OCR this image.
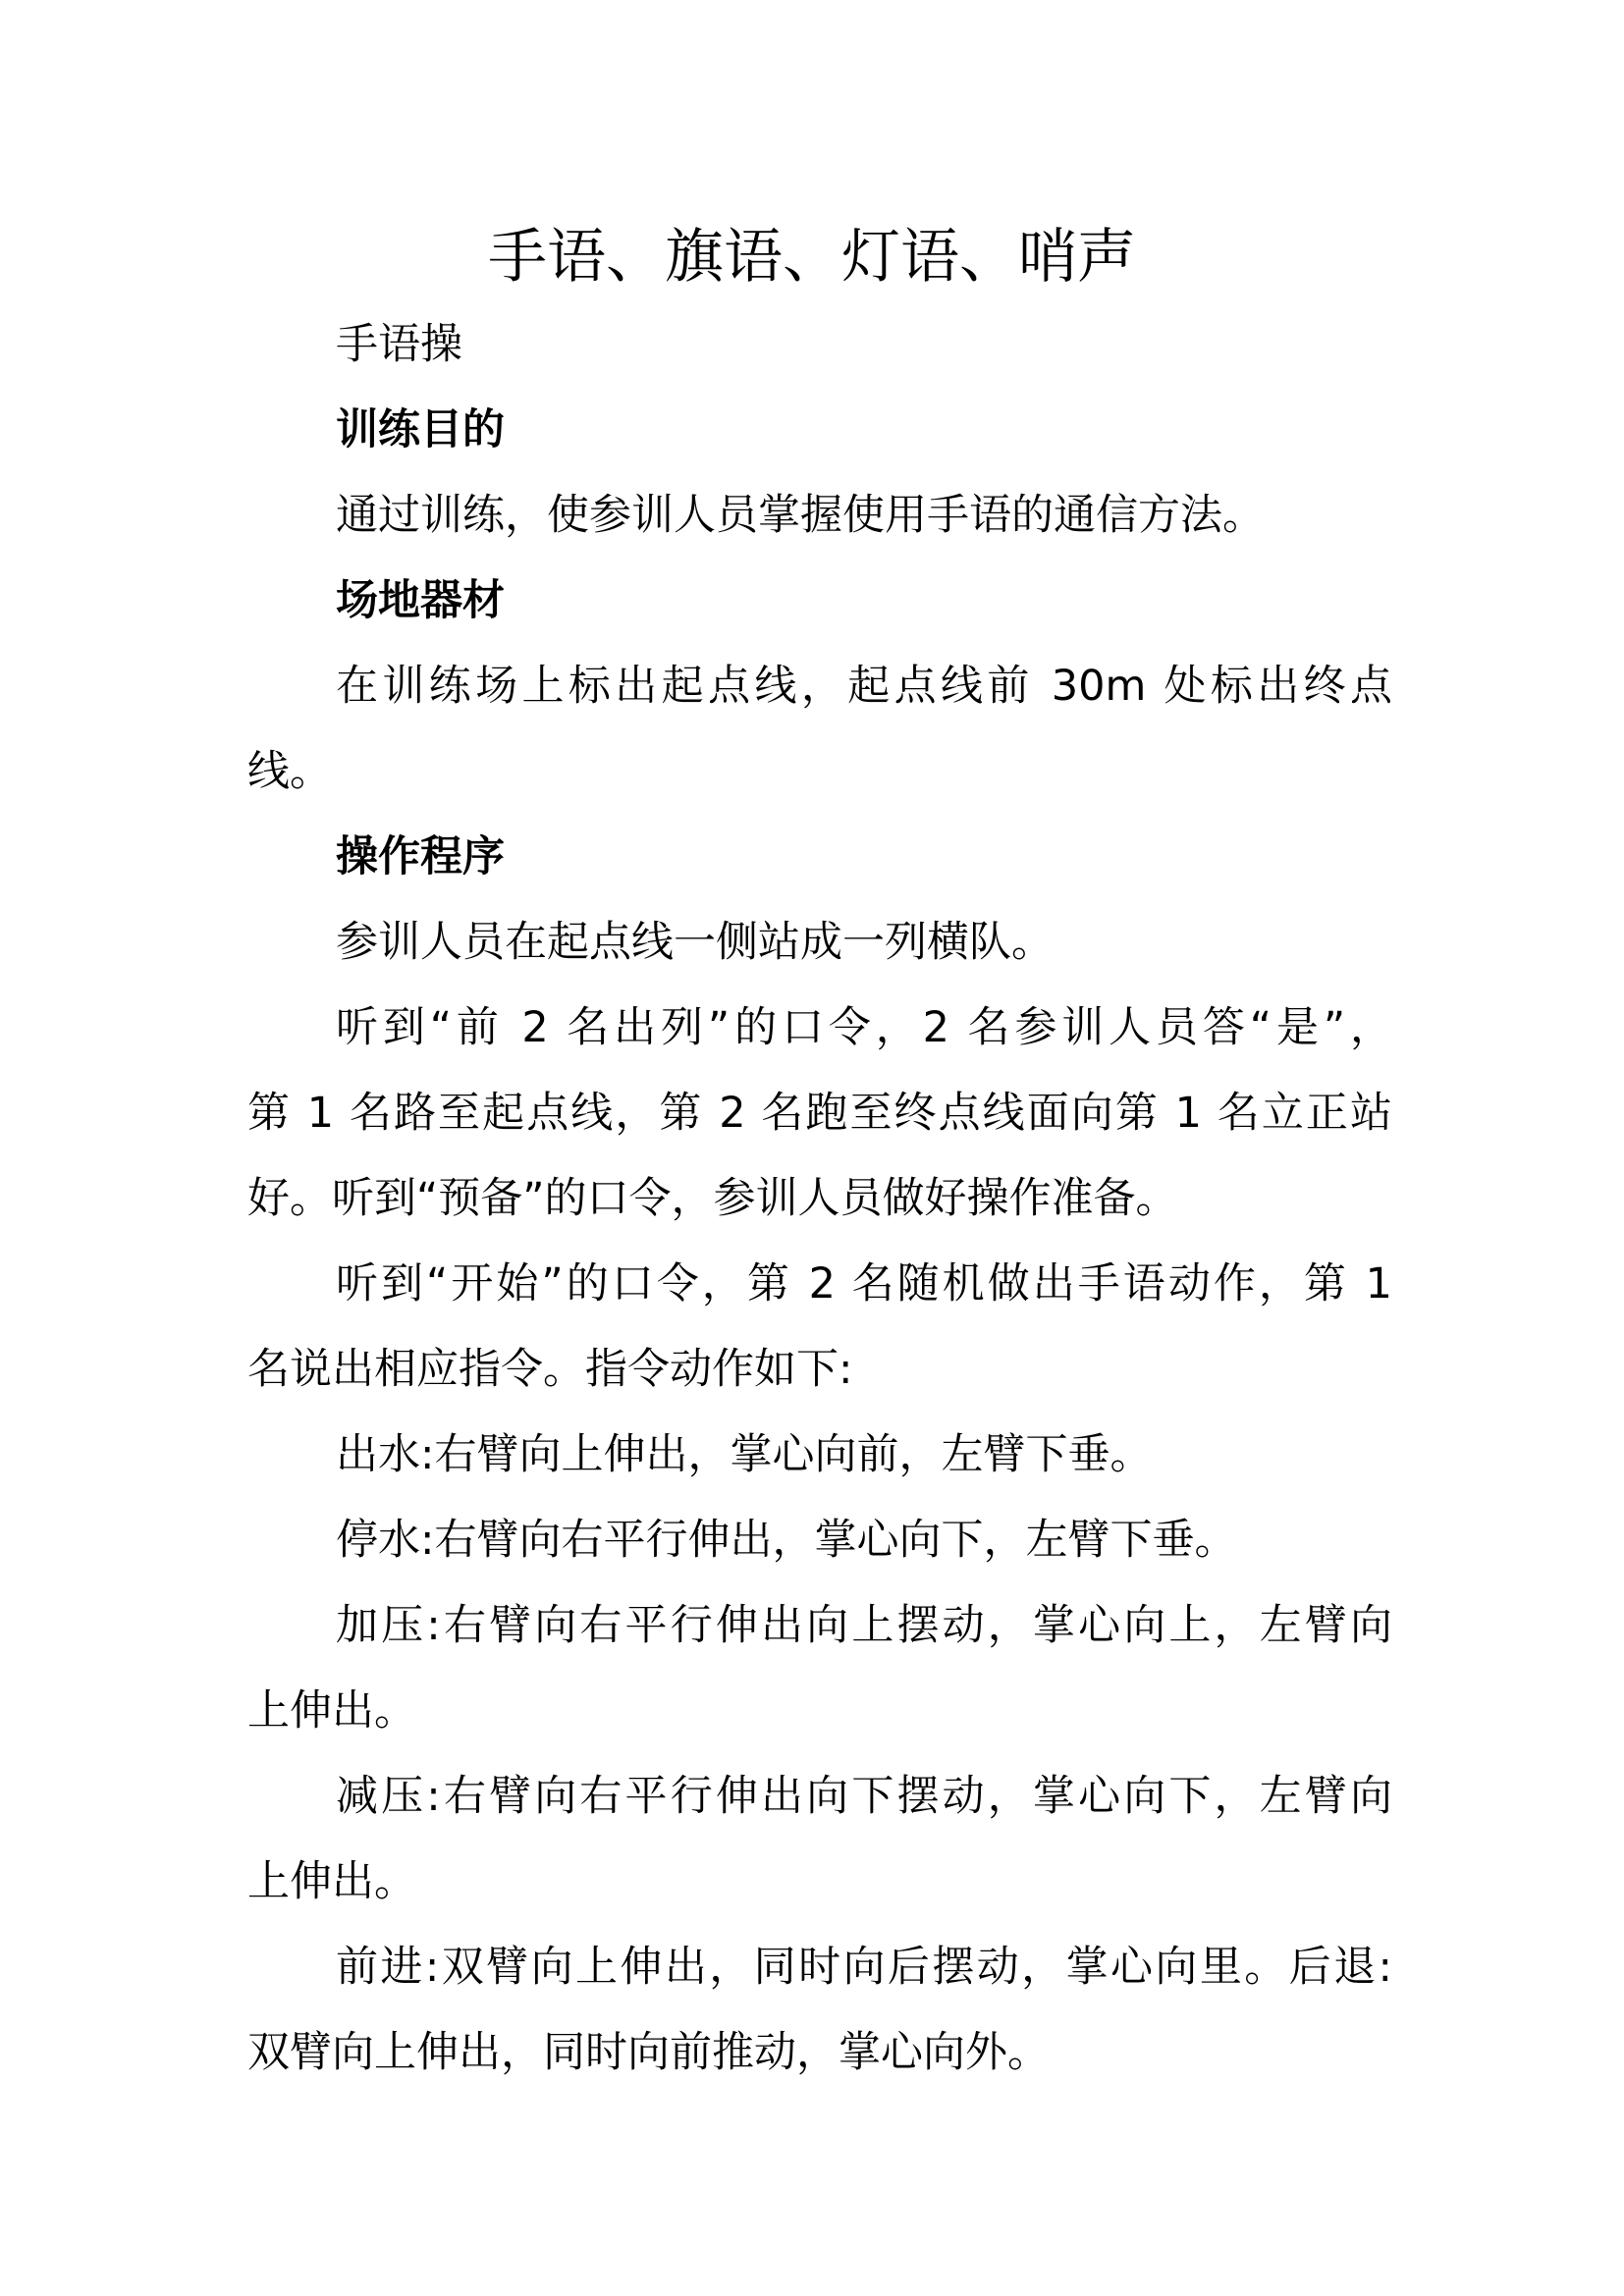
手语、旗语、灯语、哨声
手语操
训练目的
通过训练，使参训人员掌握使用手语的通信方法。
场地器材
在训练场上标出起点线，起点线前 30m 处标出终点
线。
操作程序
参训人员在起点线一侧站成一列横队。
听到“前 2 名出列”的口令，2 名参训人员答“是”，
第 1 名路至起点线，第 2 名跑至终点线面向第 1 名立正站
好。听到“预备”的口令，参训人员做好操作准备。
听到“开始”的口令，第 2 名随机做出手语动作，第 1
名说出相应指令。指令动作如下:
出水:右臂向上伸出，掌心向前，左臂下垂。
停水:右臂向右平行伸出，掌心向下，左臂下垂。
加压:右臂向右平行伸出向上摆动，掌心向上，左臂向
上伸出。
减压:右臂向右平行伸出向下摆动，掌心向下，左臂向
上伸出。
前进:双臂向上伸出，同时向后摆动，掌心向里。后退:
双臂向上伸出，同时向前推动，掌心向外。
